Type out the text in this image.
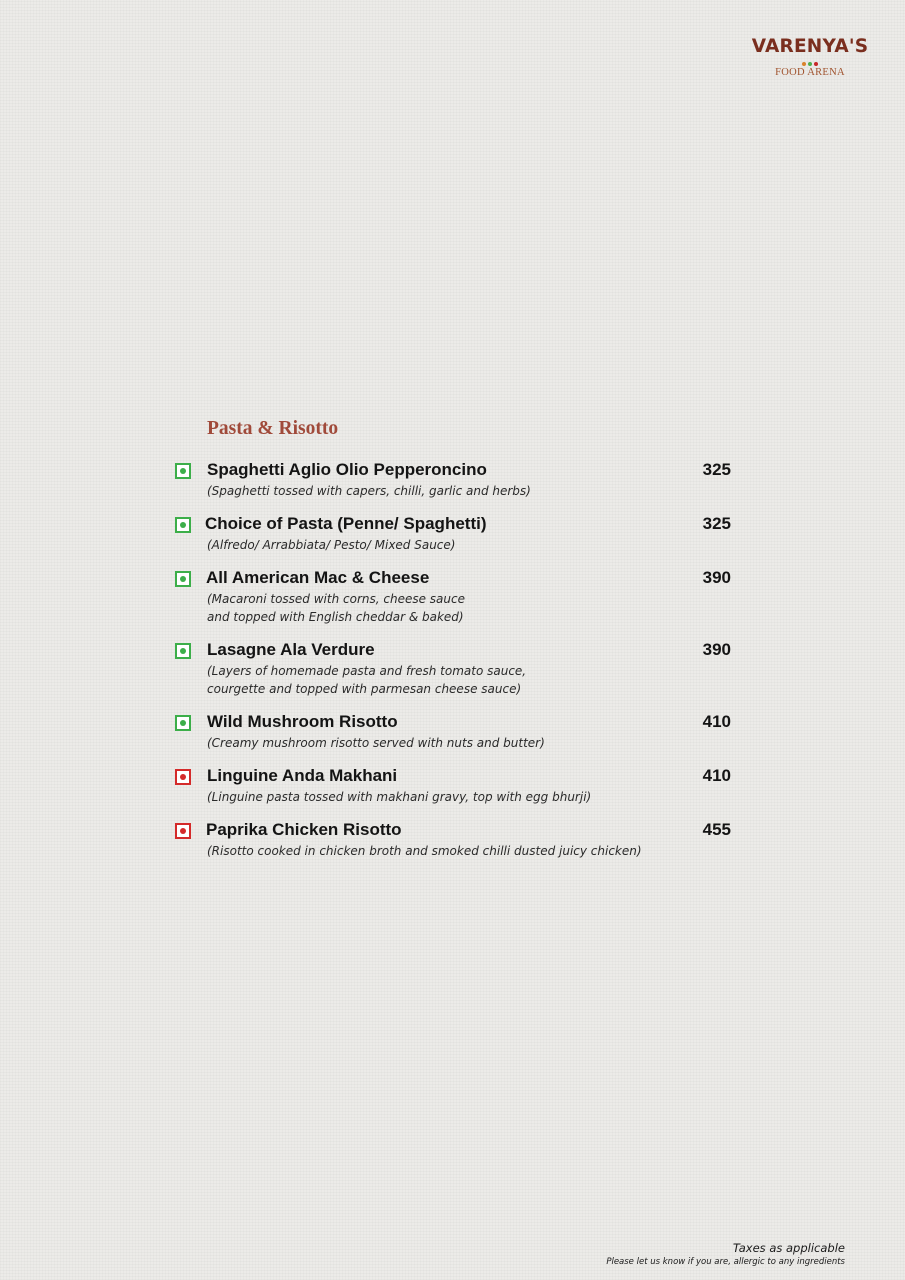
VARENYA'S
FOOD ARENA
Pasta & Risotto
Spaghetti Aglio Olio Pepperoncino	325
(Spaghetti tossed with capers, chilli, garlic and herbs)
Choice of Pasta (Penne/ Spaghetti)	325
(Alfredo/ Arrabbiata/ Pesto/ Mixed Sauce)
All American Mac & Cheese	390
(Macaroni tossed with corns, cheese sauce
and topped with English cheddar & baked)
Lasagne Ala Verdure	390
(Layers of homemade pasta and fresh tomato sauce,
courgette and topped with parmesan cheese sauce)
Wild Mushroom Risotto	410
(Creamy mushroom risotto served with nuts and butter)
Linguine Anda Makhani	410
(Linguine pasta tossed with makhani gravy, top with egg bhurji)
Paprika Chicken Risotto	455
(Risotto cooked in chicken broth and smoked chilli dusted juicy chicken)
Taxes as applicable
Please let us know if you are, allergic to any ingredients
